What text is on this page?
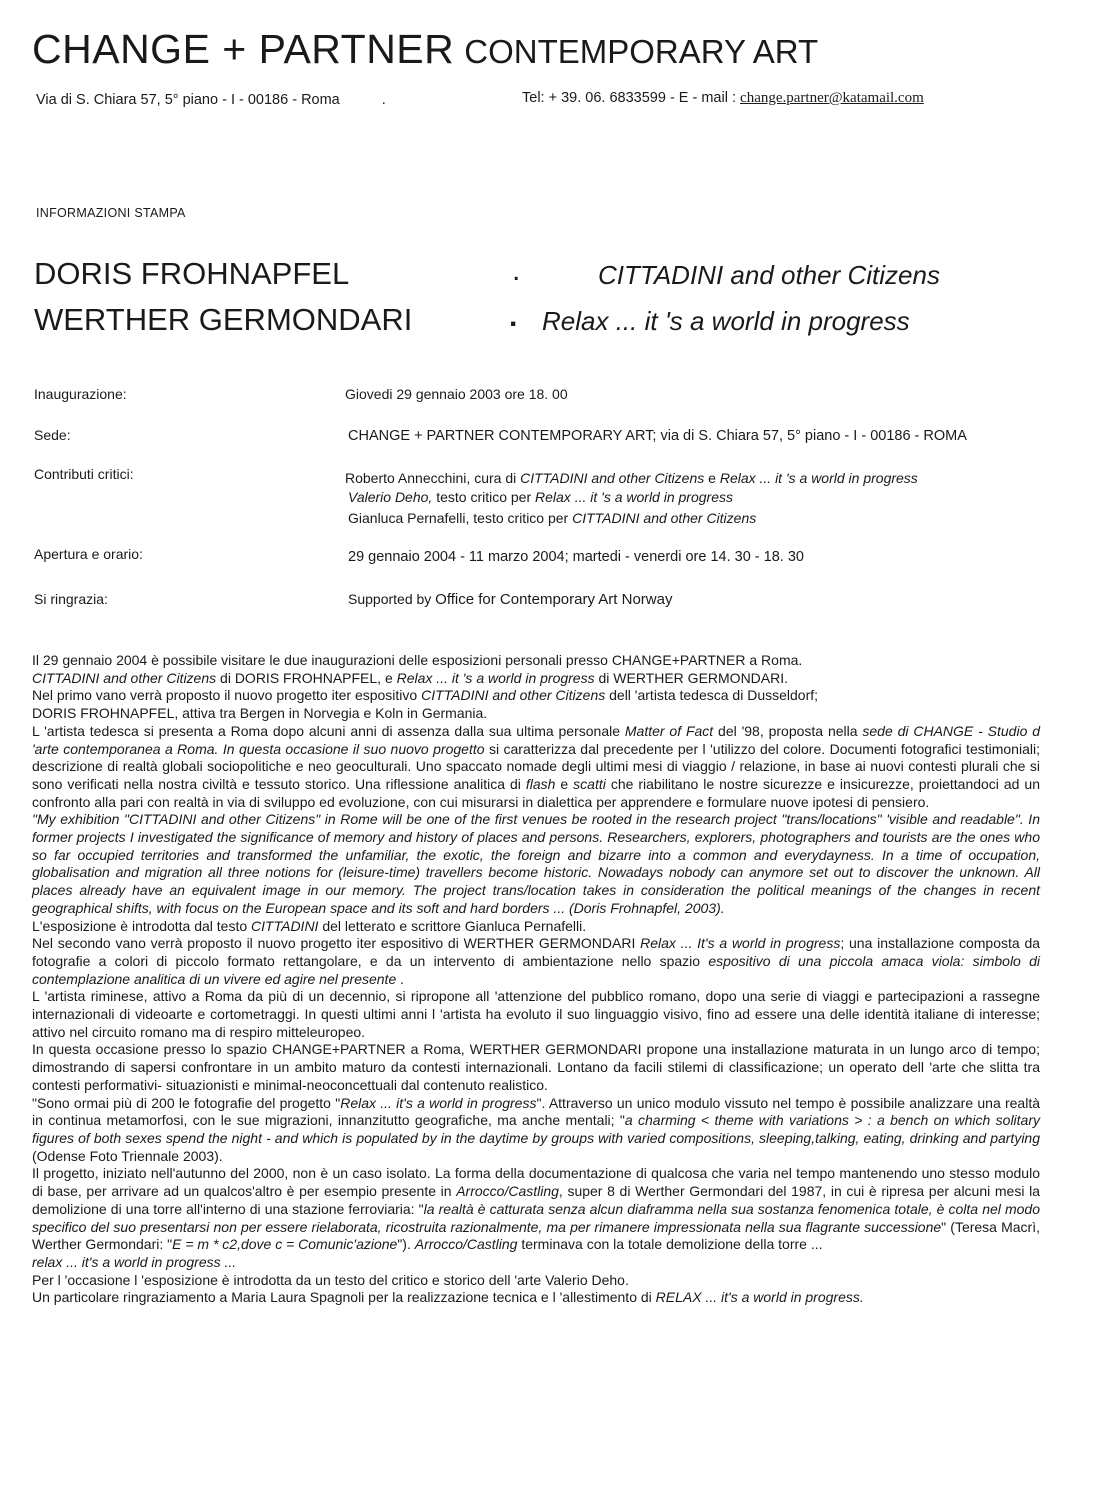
CHANGE + PARTNER CONTEMPORARY ART
Via di S. Chiara 57, 5° piano - I - 00186 - Roma	.	Tel: + 39. 06. 6833599 - E - mail : change.partner@katamail.com
INFORMAZIONI STAMPA
DORIS FROHNAPFEL	.	CITTADINI and other Citizens
WERTHER GERMONDARI	. Relax ... it 's a world in progress
Inaugurazione:	Giovedi 29 gennaio 2003 ore 18. 00
Sede:	CHANGE + PARTNER CONTEMPORARY ART; via di S. Chiara 57, 5° piano - I - 00186 - ROMA
Contributi critici:	Roberto Annecchini, cura di CITTADINI and other Citizens e Relax ... it 's a world in progress
Valerio Deho, testo critico per Relax ... it 's a world in progress
Gianluca Pernafelli, testo critico per CITTADINI and other Citizens
Apertura e orario:	29 gennaio 2004 - 11 marzo 2004; martedi - venerdi ore 14. 30 - 18. 30
Si ringrazia:	Supported by Office for Contemporary Art Norway

Il 29 gennaio 2004 è possibile visitare le due inaugurazioni delle esposizioni personali presso CHANGE+PARTNER a Roma.

CITTADINI and other Citizens di DORIS FROHNAPFEL, e Relax ... it 's a world in progress di WERTHER GERMONDARI.

Nel primo vano verrà proposto il nuovo progetto iter espositivo CITTADINI and other Citizens dell 'artista tedesca di Dusseldorf;

DORIS FROHNAPFEL, attiva tra Bergen in Norvegia e Koln in Germania.

L 'artista tedesca si presenta a Roma dopo alcuni anni di assenza dalla sua ultima personale Matter of Fact del '98, proposta nella sede di CHANGE - Studio d 'arte contemporanea a Roma. In questa occasione il suo nuovo progetto si caratterizza dal precedente per l 'utilizzo del colore. Documenti fotografici testimoniali; descrizione di realtà globali sociopolitiche e neo geoculturali. Uno spaccato nomade degli ultimi mesi di viaggio / relazione, in base ai nuovi contesti plurali che si sono verificati nella nostra civiltà e tessuto storico. Una riflessione analitica di flash e scatti che riabilitano le nostre sicurezze e insicurezze, proiettandoci ad un confronto alla pari con realtà in via di sviluppo ed evoluzione, con cui misurarsi in dialettica per apprendere e formulare nuove ipotesi di pensiero.

"My exhibition "CITTADINI and other Citizens" in Rome will be one of the first venues be rooted in the research project "trans/locations" 'visible and readable". In former projects I investigated the significance of memory and history of places and persons. Researchers, explorers, photographers and tourists are the ones who so far occupied territories and transformed the unfamiliar, the exotic, the foreign and bizarre into a common and everydayness. In a time of occupation, globalisation and migration all three notions for (leisure-time) travellers become historic. Nowadays nobody can anymore set out to discover the unknown. All places already have an equivalent image in our memory. The project trans/location takes in consideration the political meanings of the changes in recent geographical shifts, with focus on the European space and its soft and hard borders ... (Doris Frohnapfel, 2003).

L'esposizione è introdotta dal testo CITTADINI del letterato e scrittore Gianluca Pernafelli.

Nel secondo vano verrà proposto il nuovo progetto iter espositivo di WERTHER GERMONDARI Relax ... It's a world in progress; una installazione composta da fotografie a colori di piccolo formato rettangolare, e da un intervento di ambientazione nello spazio espositivo di una piccola amaca viola: simbolo di contemplazione analitica di un vivere ed agire nel presente .

L 'artista riminese, attivo a Roma da più di un decennio, si ripropone all 'attenzione del pubblico romano, dopo una serie di viaggi e partecipazioni a rassegne internazionali di videoarte e cortometraggi. In questi ultimi anni l 'artista ha evoluto il suo linguaggio visivo, fino ad essere una delle identità italiane di interesse; attivo nel circuito romano ma di respiro mitteleuropeo.

In questa occasione presso lo spazio CHANGE+PARTNER a Roma, WERTHER GERMONDARI propone una installazione maturata in un lungo arco di tempo; dimostrando di sapersi confrontare in un ambito maturo da contesti internazionali. Lontano da facili stilemi di classificazione; un operato dell 'arte che slitta tra contesti performativi- situazionisti e minimal-neoconcettuali dal contenuto realistico.

"Sono ormai più di 200 le fotografie del progetto "Relax ... it's a world in progress". Attraverso un unico modulo vissuto nel tempo è possibile analizzare una realtà in continua metamorfosi, con le sue migrazioni, innanzitutto geografiche, ma anche mentali; "a charming < theme with variations > : a bench on which solitary figures of both sexes spend the night - and which is populated by in the daytime by groups with varied compositions, sleeping,talking, eating, drinking and partying (Odense Foto Triennale 2003).

Il progetto, iniziato nell'autunno del 2000, non è un caso isolato. La forma della documentazione di qualcosa che varia nel tempo mantenendo uno stesso modulo di base, per arrivare ad un qualcos'altro è per esempio presente in Arrocco/Castling, super 8 di Werther Germondari del 1987, in cui è ripresa per alcuni mesi la demolizione di una torre all'interno di una stazione ferroviaria: "la realtà è catturata senza alcun diaframma nella sua sostanza fenomenica totale, è colta nel modo specifico del suo presentarsi non per essere rielaborata, ricostruita razionalmente, ma per rimanere impressionata nella sua flagrante successione" (Teresa Macrì, Werther Germondari: "E = m * c2,dove c = Comunic'azione"). Arrocco/Castling terminava con la totale demolizione della torre ...
relax ... it's a world in progress ...

Per l 'occasione l 'esposizione è introdotta da un testo del critico e storico dell 'arte Valerio Deho.

Un particolare ringraziamento a Maria Laura Spagnoli per la realizzazione tecnica e l 'allestimento di RELAX ... it's a world in progress.
